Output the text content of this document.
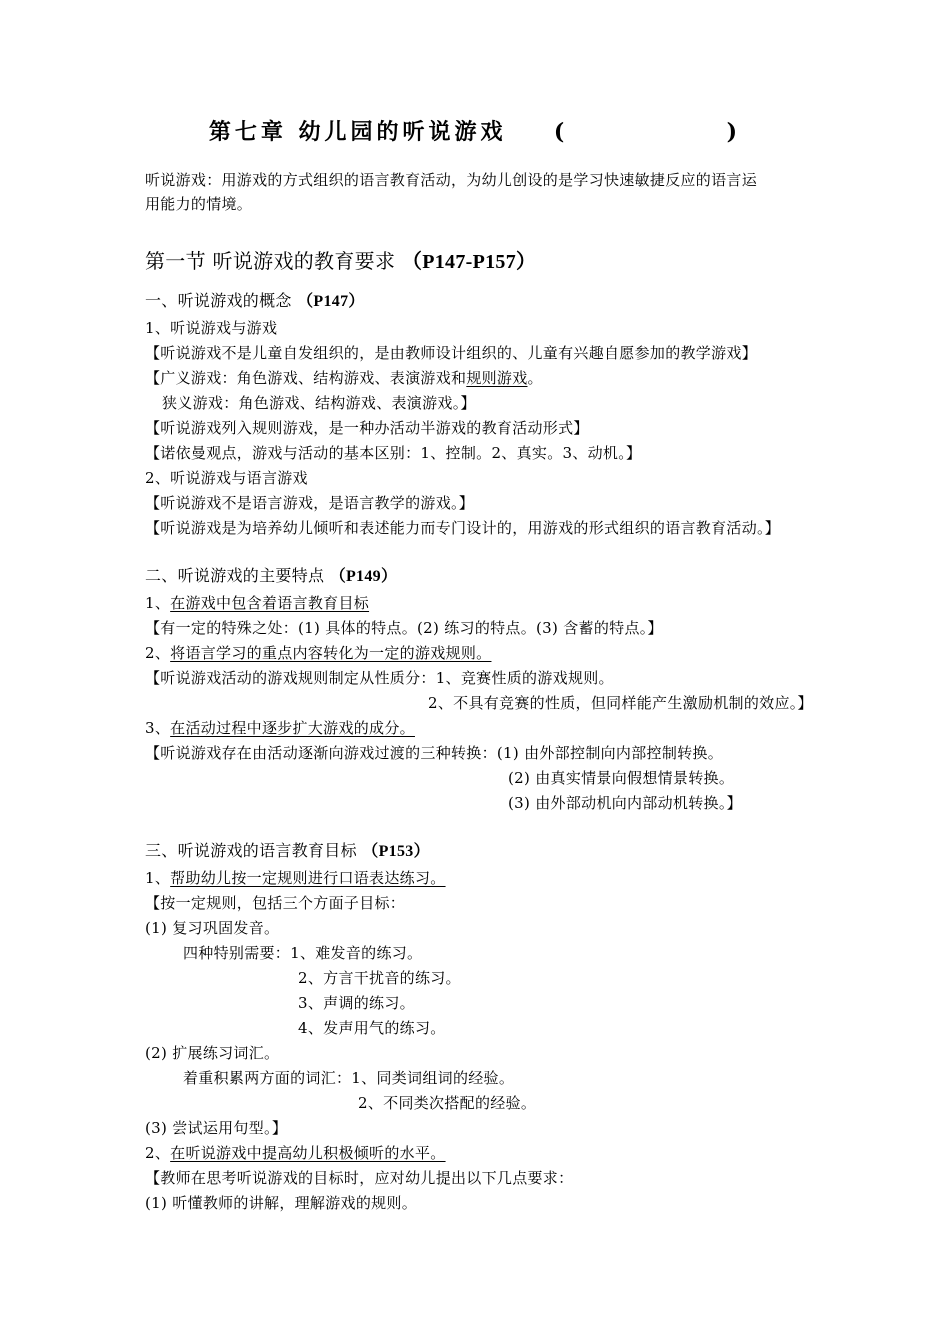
第七章 幼儿园的听说游戏 (	)
听说游戏：用游戏的方式组织的语言教育活动，为幼儿创设的是学习快速敏捷反应的语言运
用能力的情境。
第一节 听说游戏的教育要求 （P147-P157）
一、听说游戏的概念 （P147）
1、听说游戏与游戏
【听说游戏不是儿童自发组织的，是由教师设计组织的、儿童有兴趣自愿参加的教学游戏】
【广义游戏：角色游戏、结构游戏、表演游戏和规则游戏。
狭义游戏：角色游戏、结构游戏、表演游戏。】
【听说游戏列入规则游戏，是一种办活动半游戏的教育活动形式】
【诺依曼观点，游戏与活动的基本区别：1、控制。2、真实。3、动机。】
2、听说游戏与语言游戏
【听说游戏不是语言游戏，是语言教学的游戏。】
【听说游戏是为培养幼儿倾听和表述能力而专门设计的，用游戏的形式组织的语言教育活动。】
二、听说游戏的主要特点 （P149）
1、在游戏中包含着语言教育目标
【有一定的特殊之处：(1) 具体的特点。(2) 练习的特点。(3) 含蓄的特点。】
2、将语言学习的重点内容转化为一定的游戏规则。
【听说游戏活动的游戏规则制定从性质分：1、竞赛性质的游戏规则。
2、不具有竞赛的性质，但同样能产生激励机制的效应。】
3、在活动过程中逐步扩大游戏的成分。
【听说游戏存在由活动逐渐向游戏过渡的三种转换：(1) 由外部控制向内部控制转换。
(2) 由真实情景向假想情景转换。
(3) 由外部动机向内部动机转换。】
三、听说游戏的语言教育目标 （P153）
1、帮助幼儿按一定规则进行口语表达练习。
【按一定规则，包括三个方面子目标：
(1) 复习巩固发音。
四种特别需要：1、难发音的练习。
2、方言干扰音的练习。
3、声调的练习。
4、发声用气的练习。
(2) 扩展练习词汇。
着重积累两方面的词汇：1、同类词组词的经验。
2、不同类次搭配的经验。
(3) 尝试运用句型。】
2、在听说游戏中提高幼儿积极倾听的水平。
【教师在思考听说游戏的目标时，应对幼儿提出以下几点要求：
(1) 听懂教师的讲解，理解游戏的规则。
